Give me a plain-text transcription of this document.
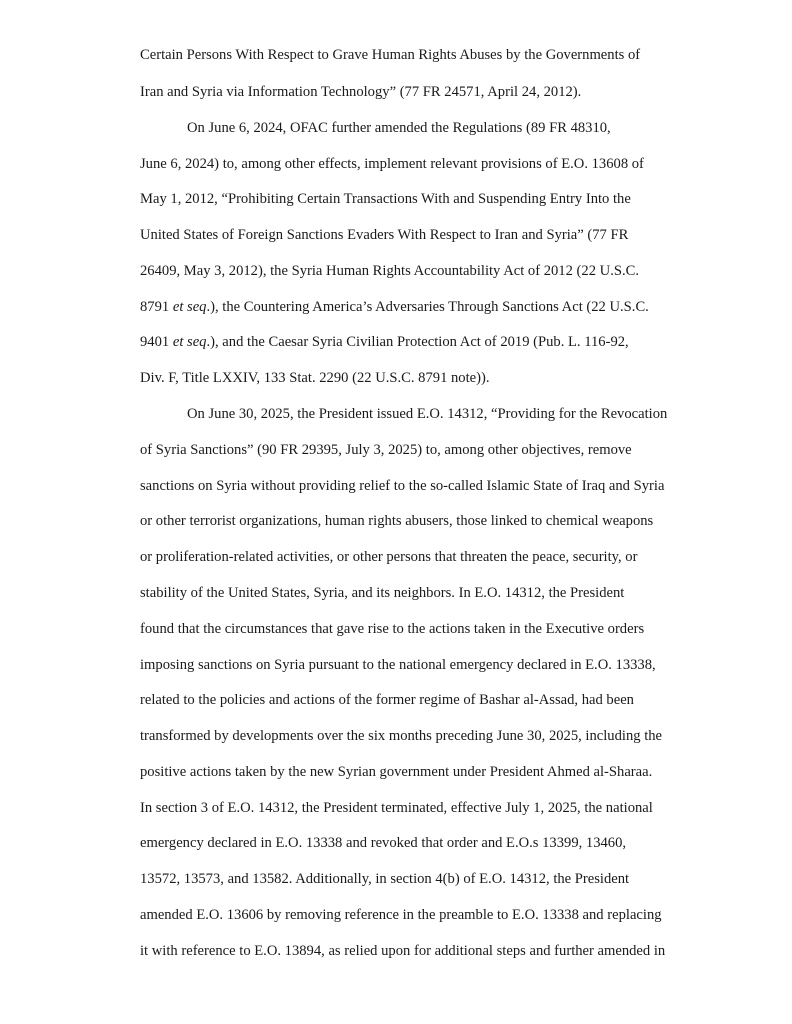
Certain Persons With Respect to Grave Human Rights Abuses by the Governments of
Iran and Syria via Information Technology” (77 FR 24571, April 24, 2012).
On June 6, 2024, OFAC further amended the Regulations (89 FR 48310,
June 6, 2024) to, among other effects, implement relevant provisions of E.O. 13608 of
May 1, 2012, “Prohibiting Certain Transactions With and Suspending Entry Into the
United States of Foreign Sanctions Evaders With Respect to Iran and Syria” (77 FR
26409, May 3, 2012), the Syria Human Rights Accountability Act of 2012 (22 U.S.C.
8791 et seq.), the Countering America’s Adversaries Through Sanctions Act (22 U.S.C.
9401 et seq.), and the Caesar Syria Civilian Protection Act of 2019 (Pub. L. 116-92,
Div. F, Title LXXIV, 133 Stat. 2290 (22 U.S.C. 8791 note)).
On June 30, 2025, the President issued E.O. 14312, “Providing for the Revocation
of Syria Sanctions” (90 FR 29395, July 3, 2025) to, among other objectives, remove
sanctions on Syria without providing relief to the so-called Islamic State of Iraq and Syria
or other terrorist organizations, human rights abusers, those linked to chemical weapons
or proliferation-related activities, or other persons that threaten the peace, security, or
stability of the United States, Syria, and its neighbors. In E.O. 14312, the President
found that the circumstances that gave rise to the actions taken in the Executive orders
imposing sanctions on Syria pursuant to the national emergency declared in E.O. 13338,
related to the policies and actions of the former regime of Bashar al-Assad, had been
transformed by developments over the six months preceding June 30, 2025, including the
positive actions taken by the new Syrian government under President Ahmed al-Sharaa.
In section 3 of E.O. 14312, the President terminated, effective July 1, 2025, the national
emergency declared in E.O. 13338 and revoked that order and E.O.s 13399, 13460,
13572, 13573, and 13582. Additionally, in section 4(b) of E.O. 14312, the President
amended E.O. 13606 by removing reference in the preamble to E.O. 13338 and replacing
it with reference to E.O. 13894, as relied upon for additional steps and further amended in
